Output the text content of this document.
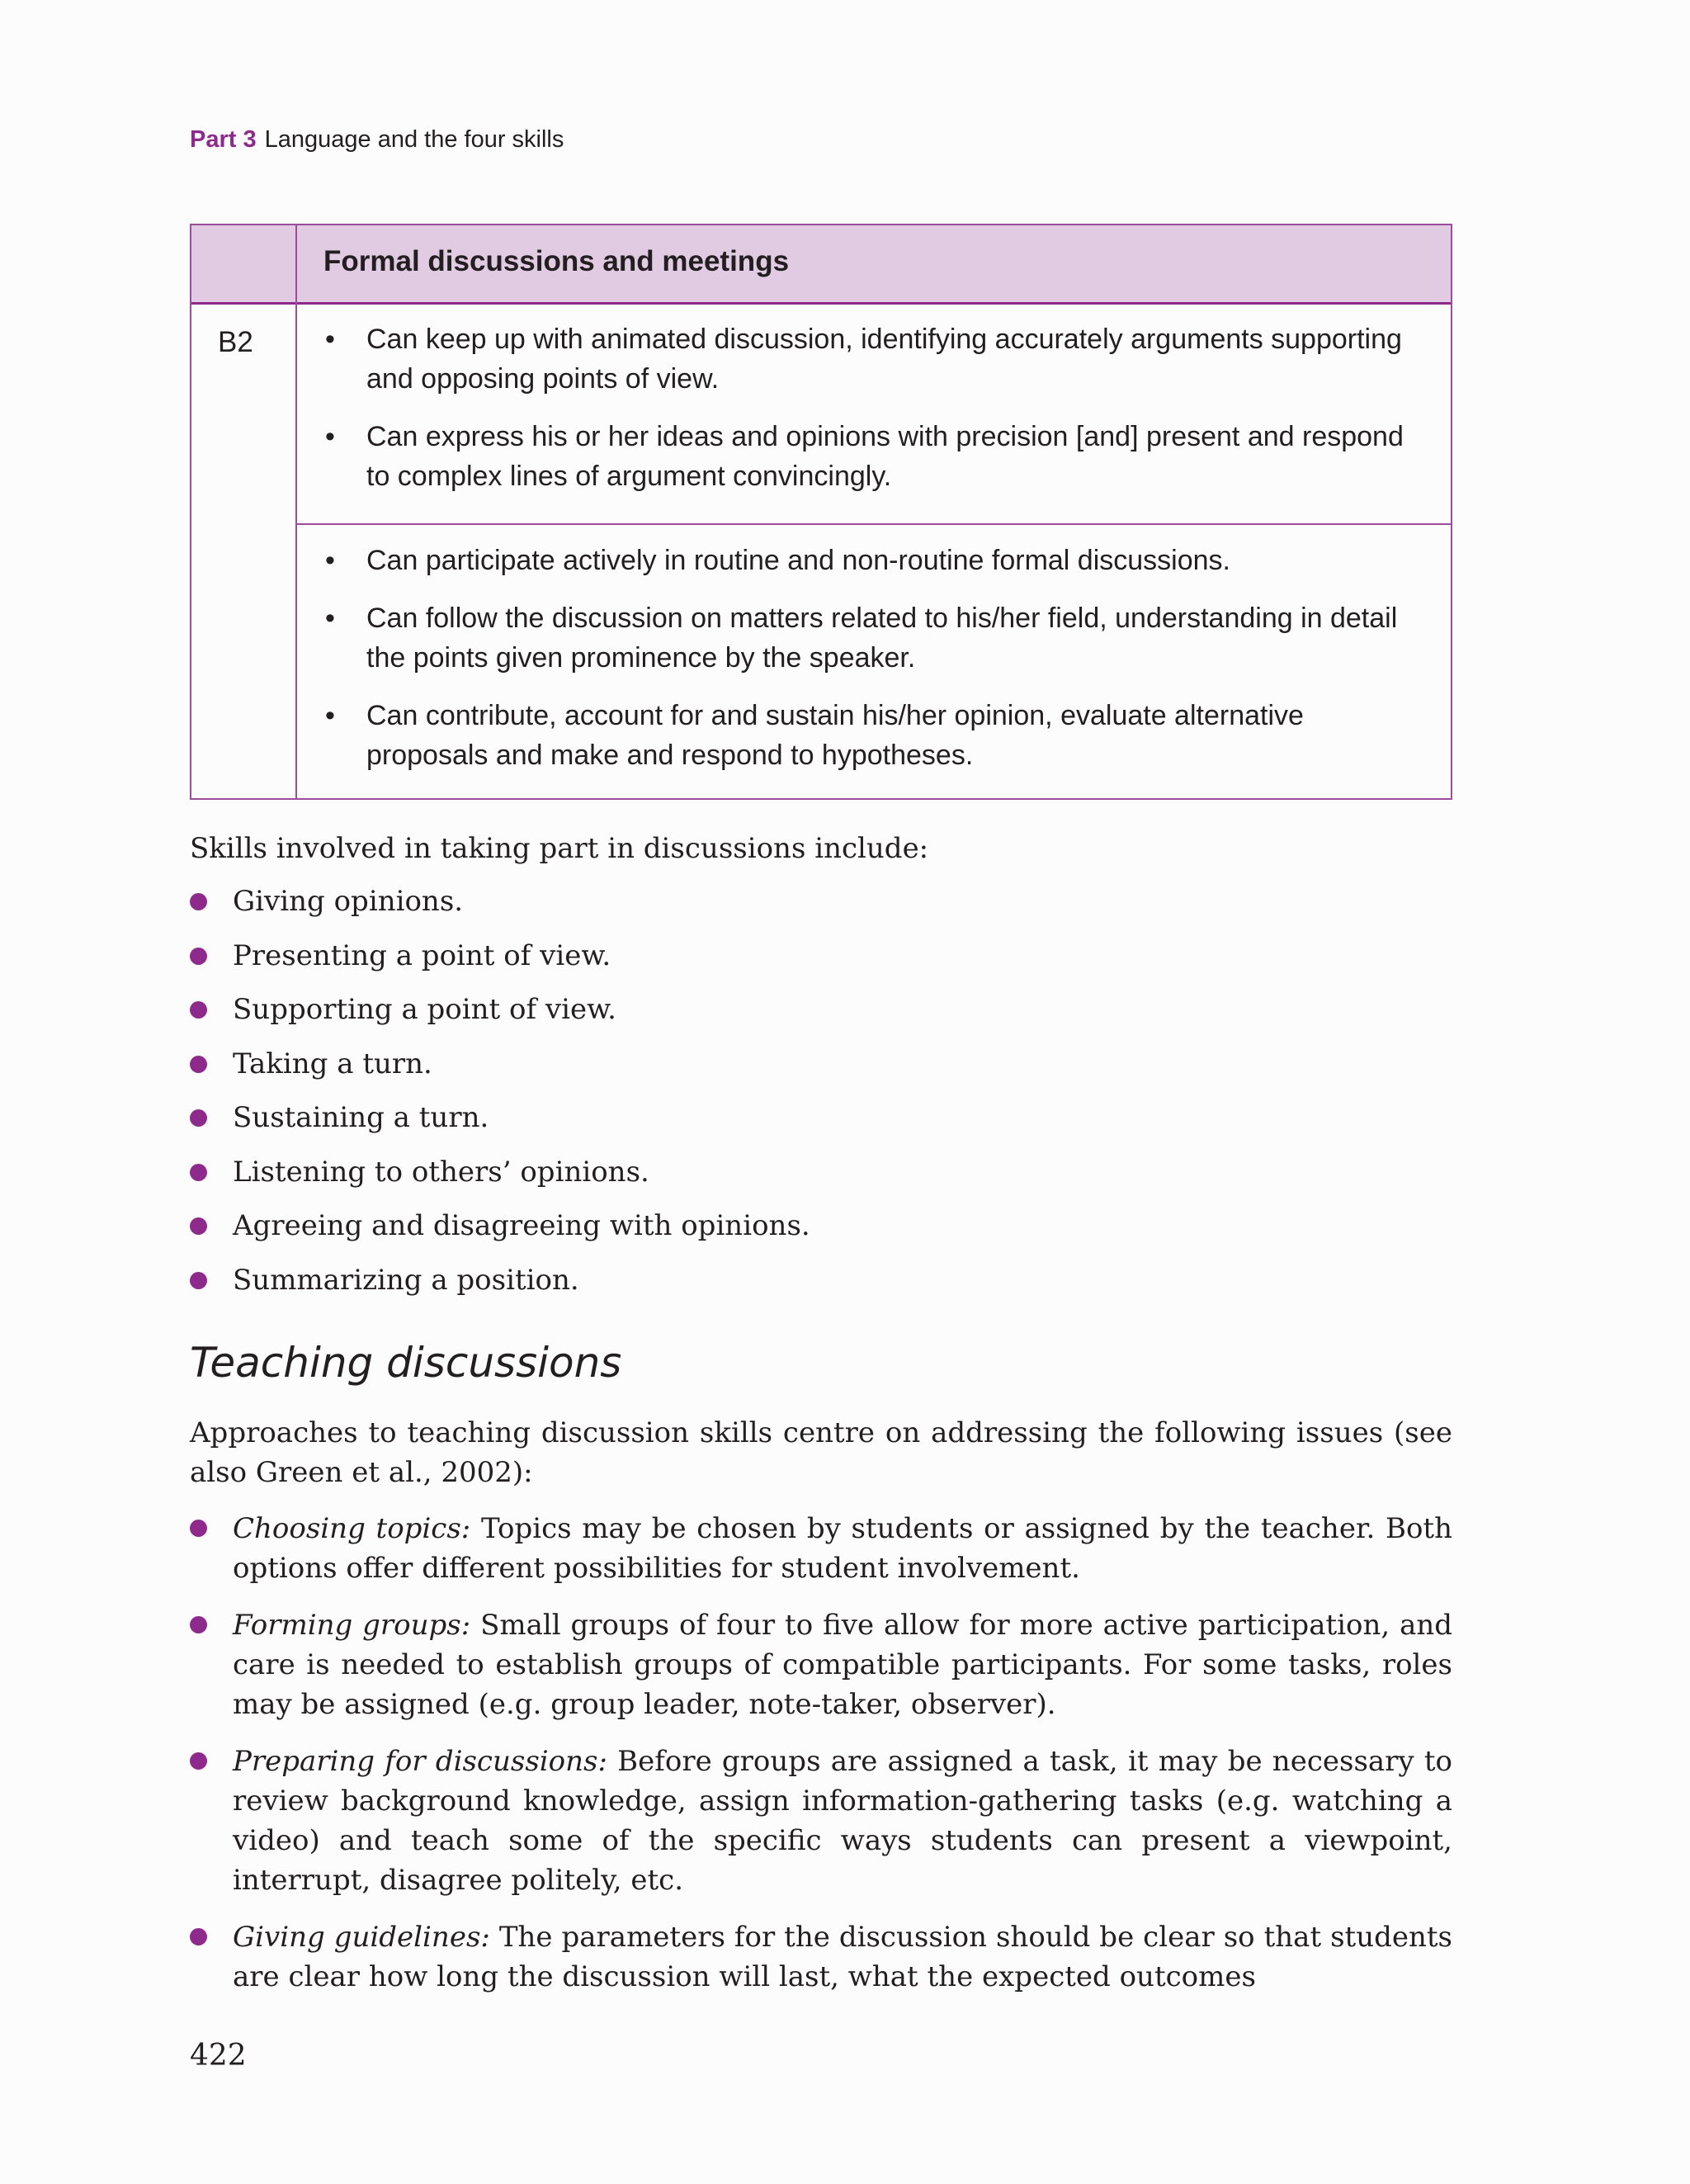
Part 3 Language and the four skills
Formal discussions and meetings
B2
•	Can keep up with animated discussion, identifying accurately arguments supporting and opposing points of view.
• Can express his or her ideas and opinions with precision [and] present and respond to complex lines of argument convincingly.
• Can participate actively in routine and non-routine formal discussions.
• Can follow the discussion on matters related to his/her field, understanding in detail the points given prominence by the speaker.
• Can contribute, account for and sustain his/her opinion, evaluate alternative proposals and make and respond to hypotheses.
Skills involved in taking part in discussions include:
Giving opinions.
Presenting a point of view.
Supporting a point of view.
Taking a turn.
Sustaining a turn.
Listening to others’ opinions.
Agreeing and disagreeing with opinions.
Summarizing a position.
Teaching discussions

Approaches to teaching discussion skills centre on addressing the following issues (see also Green et al., 2002):

Choosing topics: Topics may be chosen by students or assigned by the teacher. Both options offer different possibilities for student involvement.
Forming groups: Small groups of four to five allow for more active participation, and care is needed to establish groups of compatible participants. For some tasks, roles may be assigned (e.g. group leader, note-taker, observer).
Preparing for discussions: Before groups are assigned a task, it may be necessary to review background knowledge, assign information-gathering tasks (e.g. watching a video) and teach some of the specific ways students can present a viewpoint, interrupt, disagree politely, etc.
Giving guidelines: The parameters for the discussion should be clear so that students are clear how long the discussion will last, what the expected outcomes
422
